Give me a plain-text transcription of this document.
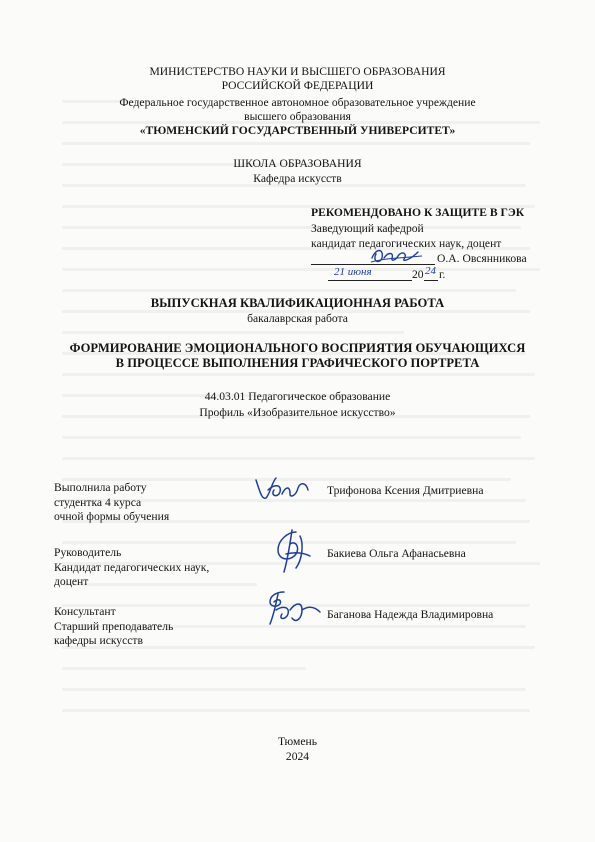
МИНИСТЕРСТВО НАУКИ И ВЫСШЕГО ОБРАЗОВАНИЯ
РОССИЙСКОЙ ФЕДЕРАЦИИ
Федеральное государственное автономное образовательное учреждение
высшего образования
«ТЮМЕНСКИЙ ГОСУДАРСТВЕННЫЙ УНИВЕРСИТЕТ»
ШКОЛА ОБРАЗОВАНИЯ
Кафедра искусств
РЕКОМЕНДОВАНО К ЗАЩИТЕ В ГЭК
Заведующий кафедрой
кандидат педагогических наук, доцент
О.А. Овсянникова
21 июня	20 24 г.
ВЫПУСКНАЯ КВАЛИФИКАЦИОННАЯ РАБОТА
бакалаврская работа
ФОРМИРОВАНИЕ ЭМОЦИОНАЛЬНОГО ВОСПРИЯТИЯ ОБУЧАЮЩИХСЯ
В ПРОЦЕССЕ ВЫПОЛНЕНИЯ ГРАФИЧЕСКОГО ПОРТРЕТА
44.03.01 Педагогическое образование
Профиль «Изобразительное искусство»
Выполнила работу
студентка 4 курса
очной формы обучения
Трифонова Ксения Дмитриевна
Руководитель
Кандидат педагогических наук,
доцент
Бакиева Ольга Афанасьевна
Консультант
Старший преподаватель
кафедры искусств
Баганова Надежда Владимировна
Тюмень
2024
